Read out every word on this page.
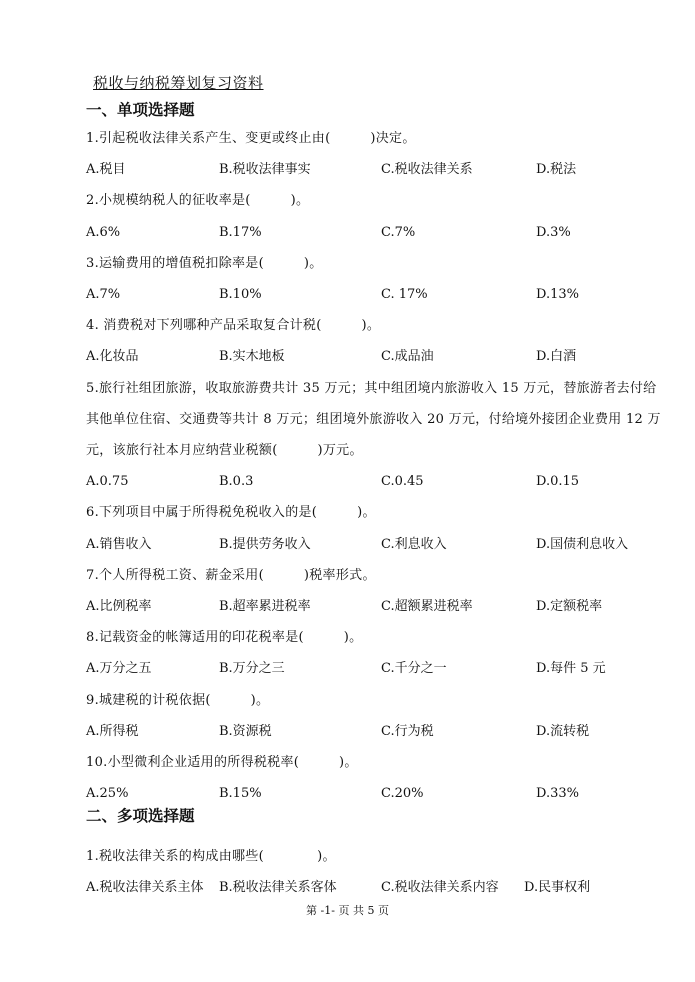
税收与纳税筹划复习资料
一、单项选择题
1.引起税收法律关系产生、变更或终止由(　　　)决定。
A.税目	B.税收法律事实	C.税收法律关系	D.税法
2.小规模纳税人的征收率是(　　　)。
A.6%	B.17%	C.7%	D.3%
3.运输费用的增值税扣除率是(　　　)。
A.7%	B.10%	C. 17%	D.13%
4. 消费税对下列哪种产品采取复合计税(　　　)。
A.化妆品	B.实木地板	C.成品油	D.白酒
5.旅行社组团旅游，收取旅游费共计 35 万元；其中组团境内旅游收入 15 万元，替旅游者去付给其他单位住宿、交通费等共计 8 万元；组团境外旅游收入 20 万元，付给境外接团企业费用 12 万元，该旅行社本月应纳营业税额(　　　)万元。
A.0.75	B.0.3	C.0.45	D.0.15
6.下列项目中属于所得税免税收入的是(　　　)。
A.销售收入	B.提供劳务收入	C.利息收入	D.国债利息收入
7.个人所得税工资、薪金采用(　　　)税率形式。
A.比例税率	B.超率累进税率	C.超额累进税率	D.定额税率
8.记载资金的帐簿适用的印花税率是(　　　)。
A.万分之五	B.万分之三	C.千分之一	D.每件 5 元
9.城建税的计税依据(　　　)。
A.所得税	B.资源税	C.行为税	D.流转税
10.小型微利企业适用的所得税税率(　　　)。
A.25%	B.15%	C.20%	D.33%
二、多项选择题
1.税收法律关系的构成由哪些(　　　　)。
A.税收法律关系主体 B.税收法律关系客体	C.税收法律关系内容 D.民事权利
第 -1- 页 共 5 页
